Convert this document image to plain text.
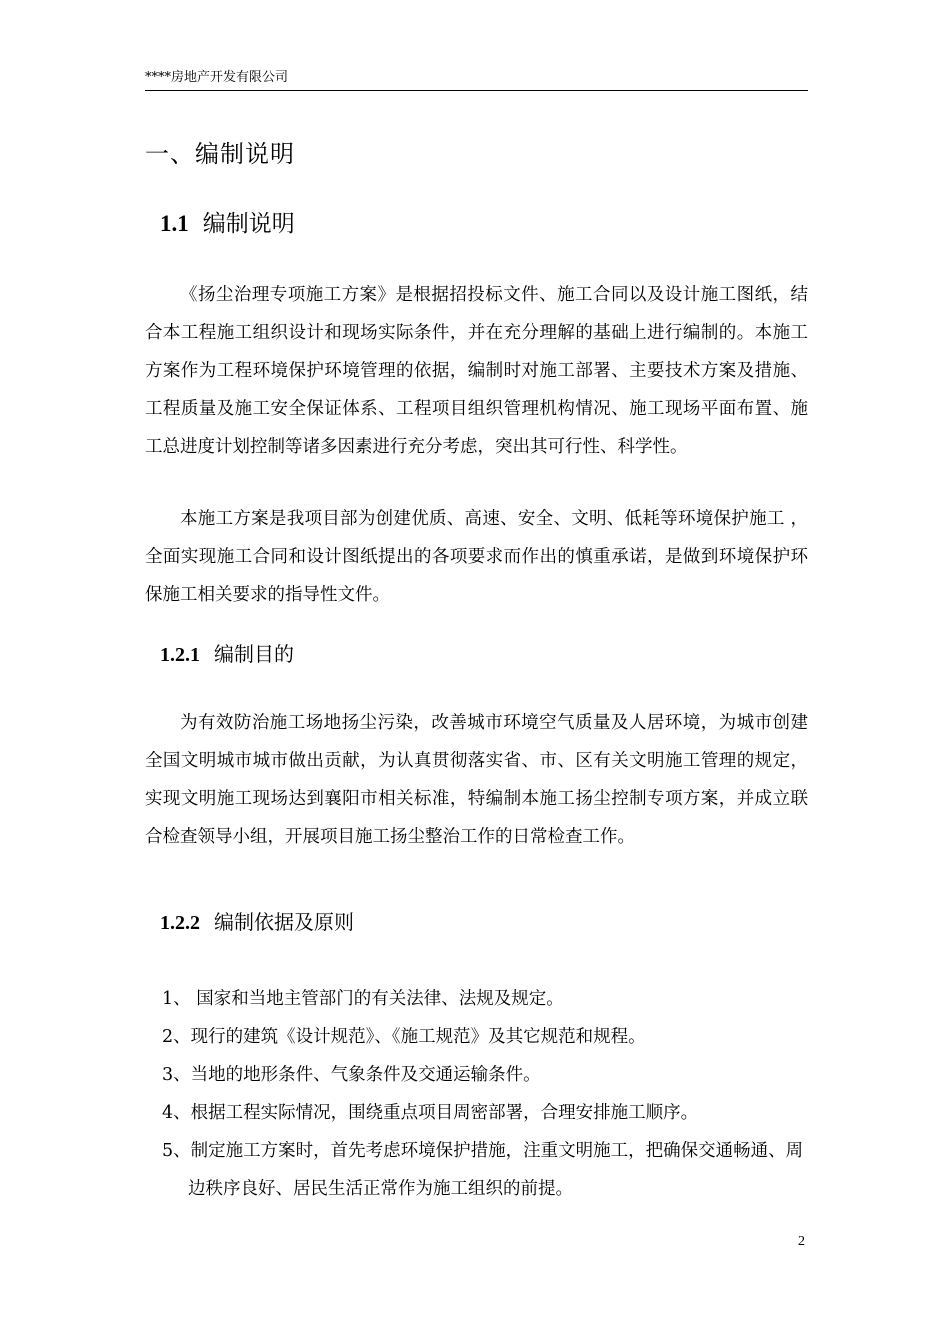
****房地产开发有限公司
一、编制说明
1.1 编制说明
《扬尘治理专项施工方案》是根据招投标文件、施工合同以及设计施工图纸，结合本工程施工组织设计和现场实际条件，并在充分理解的基础上进行编制的。本施工方案作为工程环境保护环境管理的依据，编制时对施工部署、主要技术方案及措施、工程质量及施工安全保证体系、工程项目组织管理机构情况、施工现场平面布置、施工总进度计划控制等诸多因素进行充分考虑，突出其可行性、科学性。
本施工方案是我项目部为创建优质、高速、安全、文明、低耗等环境保护施工 ，全面实现施工合同和设计图纸提出的各项要求而作出的慎重承诺，是做到环境保护环保施工相关要求的指导性文件。
1.2.1 编制目的
为有效防治施工场地扬尘污染，改善城市环境空气质量及人居环境，为城市创建全国文明城市城市做出贡献，为认真贯彻落实省、市、区有关文明施工管理的规定，实现文明施工现场达到襄阳市相关标准，特编制本施工扬尘控制专项方案，并成立联合检查领导小组，开展项目施工扬尘整治工作的日常检查工作。
1.2.2 编制依据及原则
1、 国家和当地主管部门的有关法律、法规及规定。
2、现行的建筑《设计规范》、《施工规范》及其它规范和规程。
3、当地的地形条件、气象条件及交通运输条件。
4、根据工程实际情况，围绕重点项目周密部署，合理安排施工顺序。
5、制定施工方案时，首先考虑环境保护措施，注重文明施工，把确保交通畅通、周边秩序良好、居民生活正常作为施工组织的前提。
2
